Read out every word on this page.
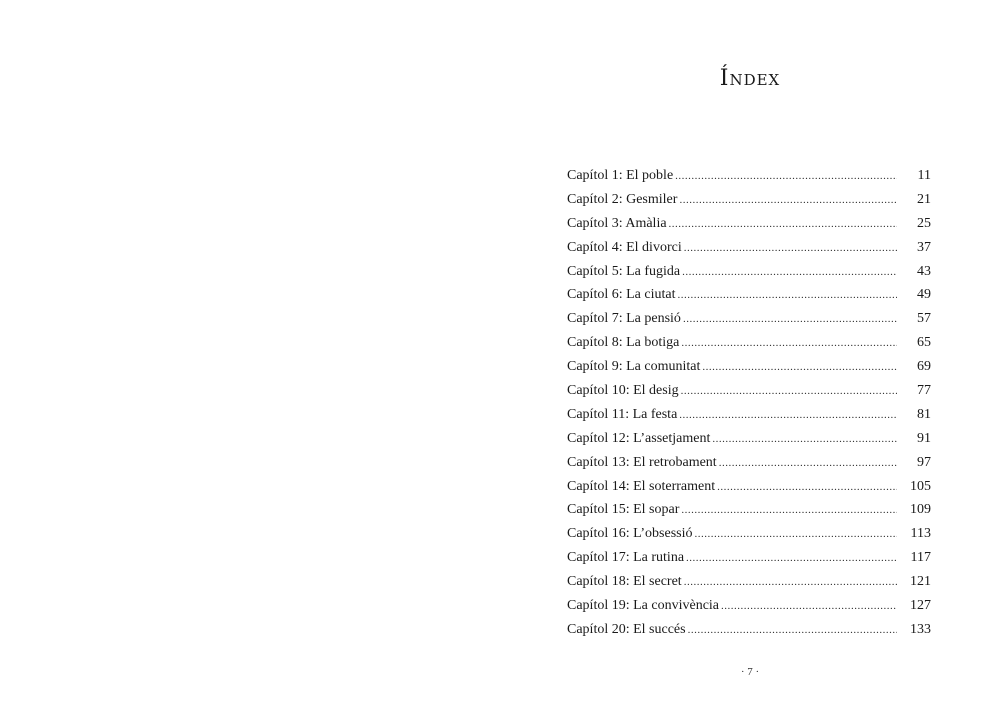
Índex
Capítol 1: El poble .....	11
Capítol 2: Gesmiler .....	21
Capítol 3: Amàlia .....	25
Capítol 4: El divorci .....	37
Capítol 5: La fugida .....	43
Capítol 6: La ciutat .....	49
Capítol 7: La pensió .....	57
Capítol 8: La botiga .....	65
Capítol 9: La comunitat .....	69
Capítol 10: El desig .....	77
Capítol 11: La festa .....	81
Capítol 12: L’assetjament .....	91
Capítol 13: El retrobament .....	97
Capítol 14: El soterrament .....	105
Capítol 15: El sopar .....	109
Capítol 16: L’obsessió .....	113
Capítol 17: La rutina .....	117
Capítol 18: El secret .....	121
Capítol 19: La convivència .....	127
Capítol 20: El succés .....	133
· 7 ·
